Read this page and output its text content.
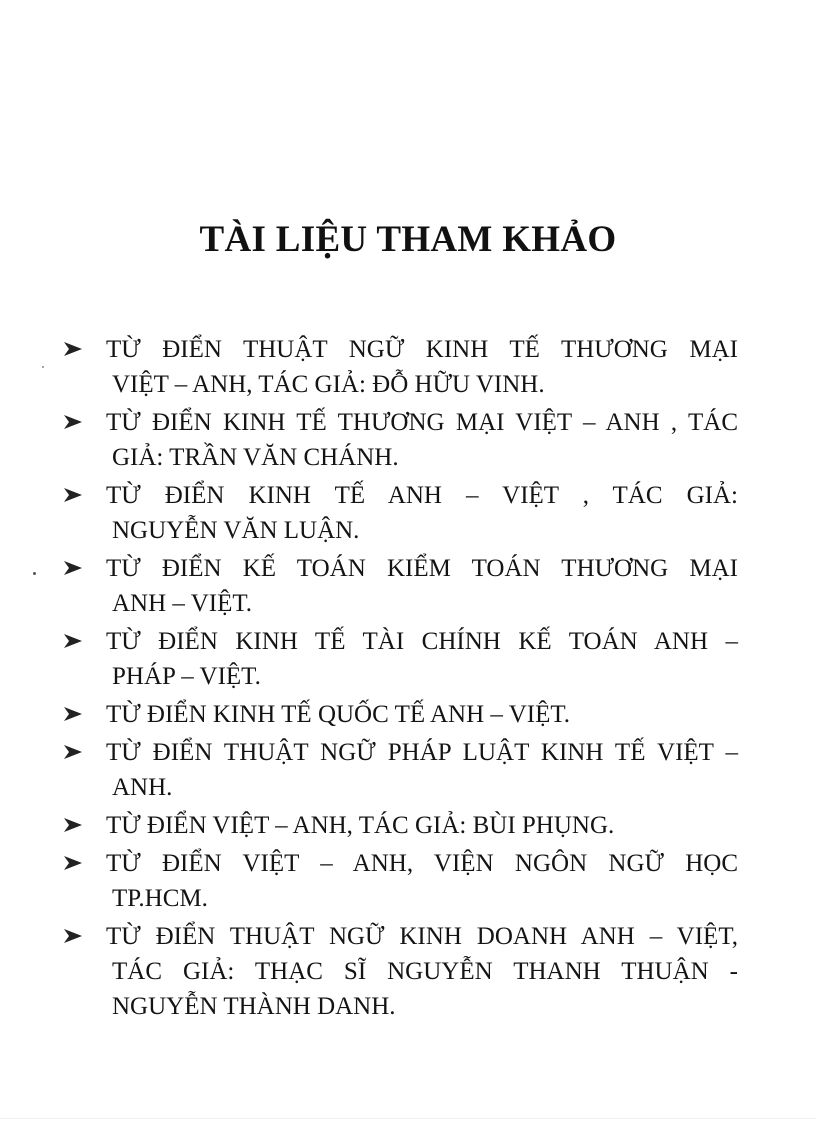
TÀI LIỆU THAM KHẢO
TỪ ĐIỂN THUẬT NGỮ KINH TẾ THƯƠNG MẠI
VIỆT – ANH, TÁC GIẢ: ĐỖ HỮU VINH.
TỪ ĐIỂN KINH TẾ THƯƠNG MẠI VIỆT – ANH , TÁC
GIẢ: TRẦN VĂN CHÁNH.
TỪ ĐIỂN KINH TẾ ANH – VIỆT , TÁC GIẢ:
NGUYỄN VĂN LUẬN.
TỪ ĐIỂN KẾ TOÁN KIỂM TOÁN THƯƠNG MẠI
ANH – VIỆT.
TỪ ĐIỂN KINH TẾ TÀI CHÍNH KẾ TOÁN ANH –
PHÁP – VIỆT.
TỪ ĐIỂN KINH TẾ QUỐC TẾ ANH – VIỆT.
TỪ ĐIỂN THUẬT NGỮ PHÁP LUẬT KINH TẾ VIỆT –
ANH.
TỪ ĐIỂN VIỆT – ANH, TÁC GIẢ: BÙI PHỤNG.
TỪ ĐIỂN VIỆT – ANH, VIỆN NGÔN NGỮ HỌC
TP.HCM.
TỪ ĐIỂN THUẬT NGỮ KINH DOANH ANH – VIỆT,
TÁC GIẢ: THẠC SĨ NGUYỄN THANH THUẬN -
NGUYỄN THÀNH DANH.
